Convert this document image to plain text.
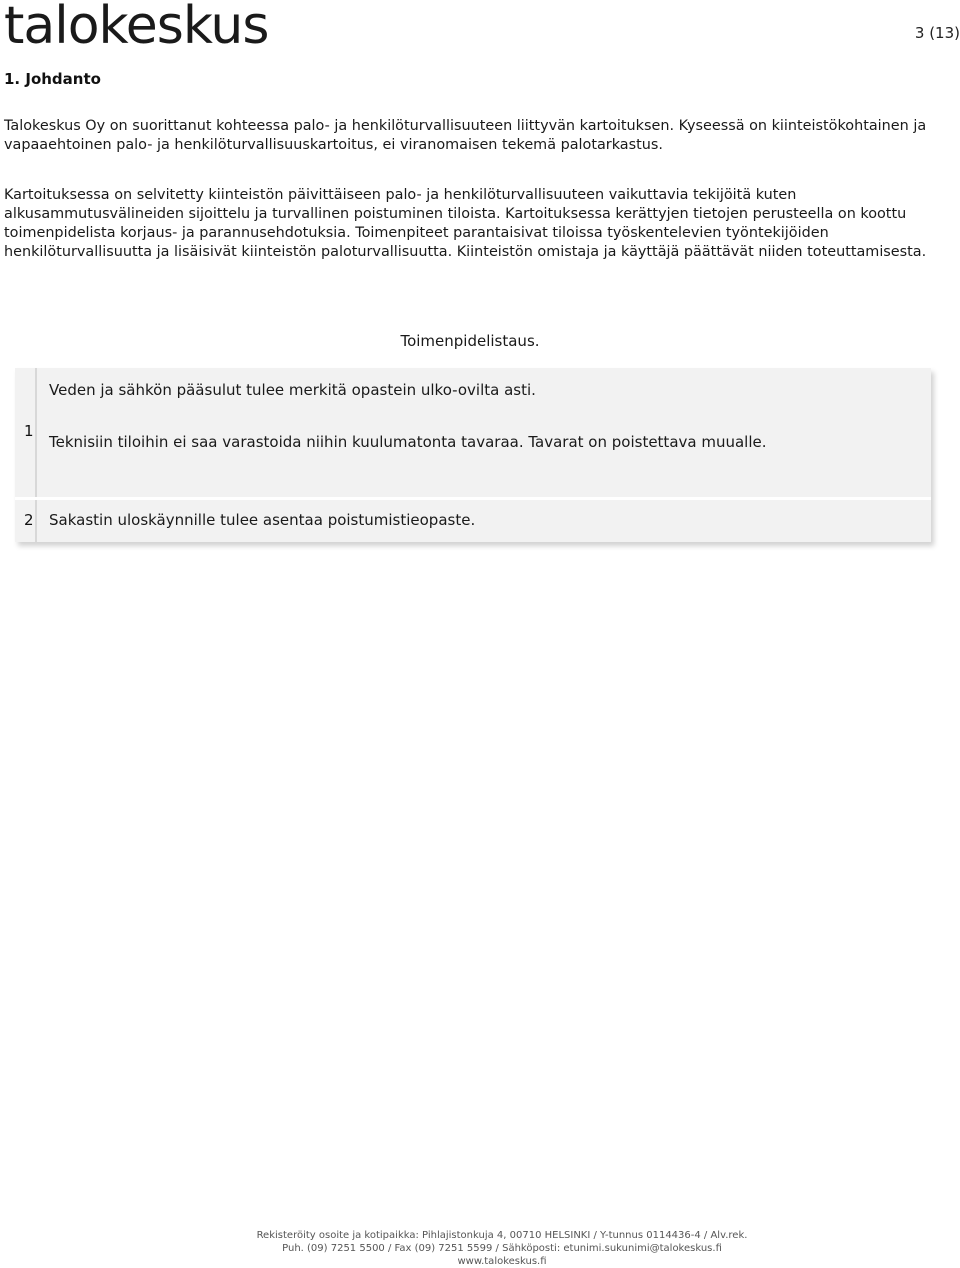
talokeskus	3 (13)
1. Johdanto
Talokeskus Oy on suorittanut kohteessa palo- ja henkilöturvallisuuteen liittyvän kartoituksen. Kyseessä on kiinteistökohtainen ja vapaaehtoinen palo- ja henkilöturvallisuuskartoitus, ei viranomaisen tekemä palotarkastus.
Kartoituksessa on selvitetty kiinteistön päivittäiseen palo- ja henkilöturvallisuuteen vaikuttavia tekijöitä kuten alkusammutusvälineiden sijoittelu ja turvallinen poistuminen tiloista. Kartoituksessa kerättyjen tietojen perusteella on koottu toimenpidelista korjaus- ja parannusehdotuksia. Toimenpiteet parantaisivat tiloissa työskentelevien työntekijöiden henkilöturvallisuutta ja lisäisivät kiinteistön paloturvallisuutta. Kiinteistön omistaja ja käyttäjä päättävät niiden toteuttamisesta.
Toimenpidelistaus.
1
Veden ja sähkön pääsulut tulee merkitä opastein ulko-ovilta asti.
Teknisiin tiloihin ei saa varastoida niihin kuulumatonta tavaraa. Tavarat on poistettava muualle.
2 Sakastin uloskäynnille tulee asentaa poistumistieopaste.
Rekisteröity osoite ja kotipaikka: Pihlajistonkuja 4, 00710 HELSINKI / Y-tunnus 0114436-4 / Alv.rek.
Puh. (09) 7251 5500 / Fax (09) 7251 5599 / Sähköposti: etunimi.sukunimi@talokeskus.fi
www.talokeskus.fi
